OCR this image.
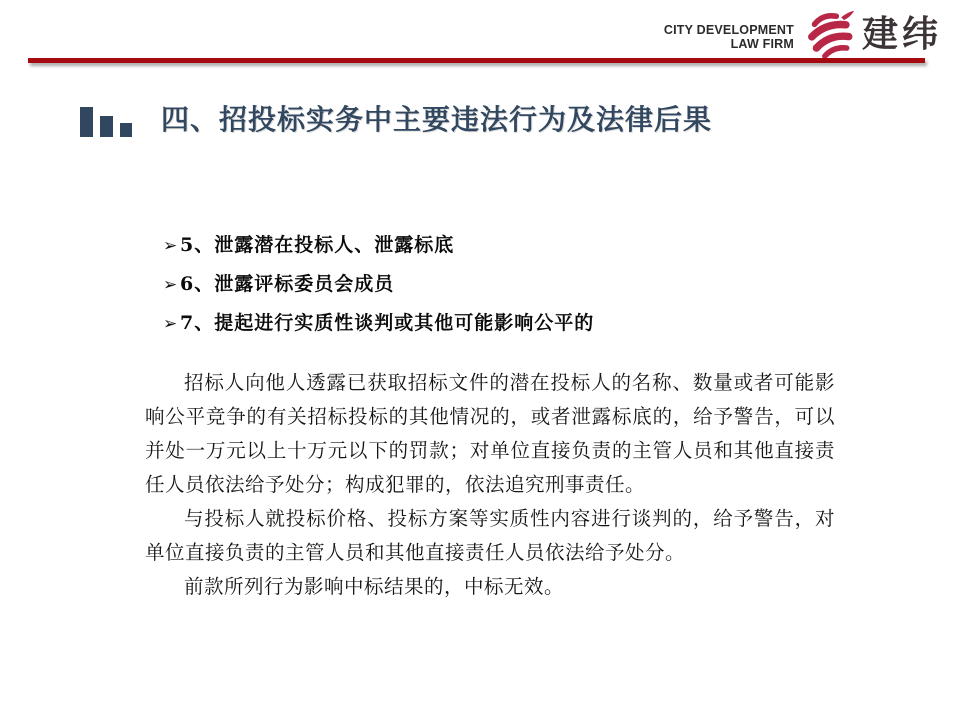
CITY DEVELOPMENT
LAW FIRM 建纬
四、招投标实务中主要违法行为及法律后果
➢ 5、泄露潜在投标人、泄露标底
➢ 6、泄露评标委员会成员
➢ 7、提起进行实质性谈判或其他可能影响公平的

招标人向他人透露已获取招标文件的潜在投标人的名称、数量或者可能影响公平竞争的有关招标投标的其他情况的，或者泄露标底的，给予警告，可以并处一万元以上十万元以下的罚款；对单位直接负责的主管人员和其他直接责任人员依法给予处分；构成犯罪的，依法追究刑事责任。

与投标人就投标价格、投标方案等实质性内容进行谈判的，给予警告，对单位直接负责的主管人员和其他直接责任人员依法给予处分。

前款所列行为影响中标结果的，中标无效。
